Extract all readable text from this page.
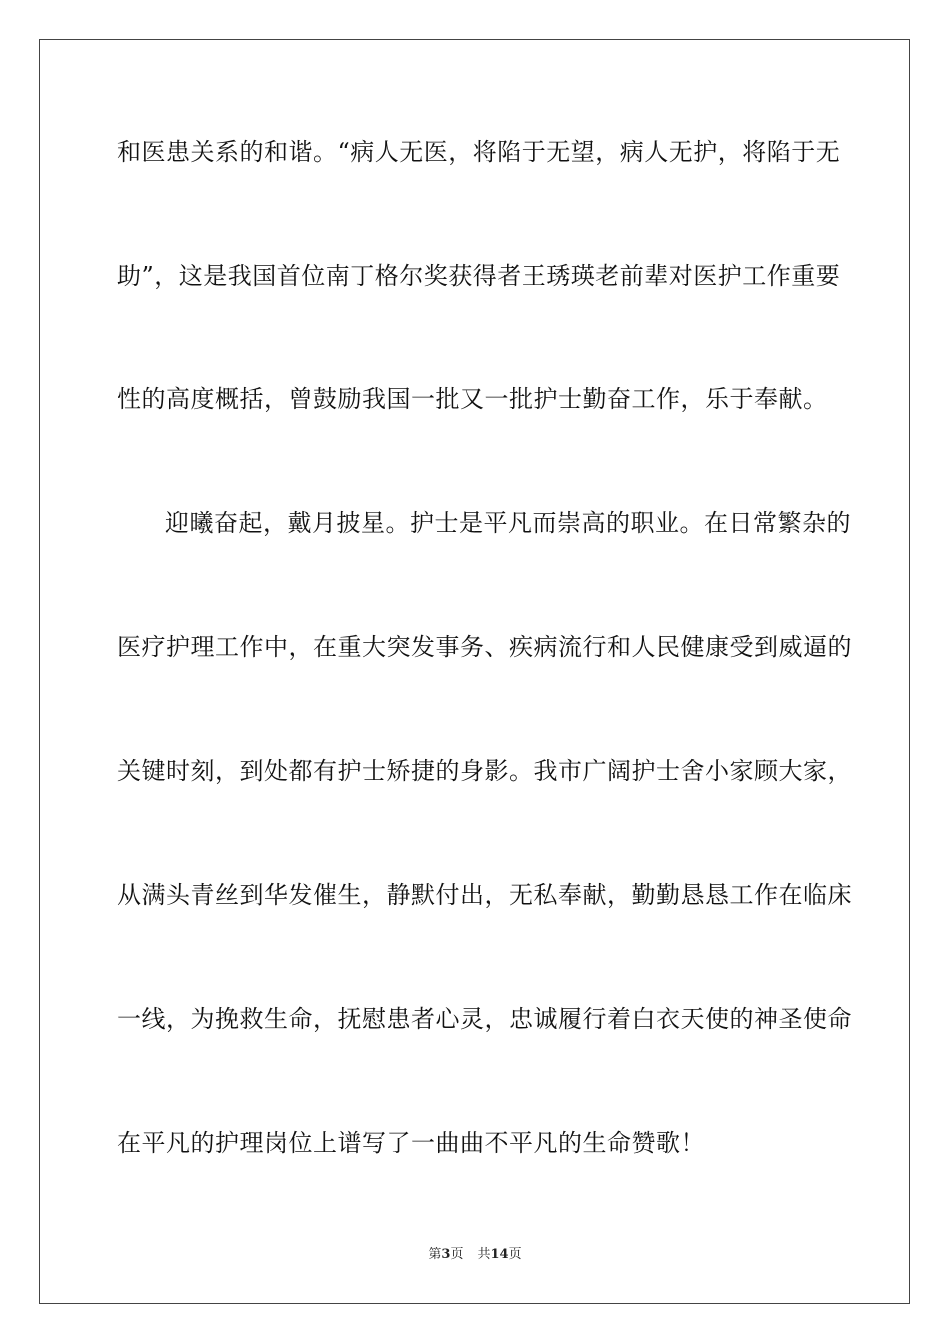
和医患关系的和谐。“病人无医，将陷于无望，病人无护，将陷于无
助”，这是我国首位南丁格尔奖获得者王琇瑛老前辈对医护工作重要
性的高度概括，曾鼓励我国一批又一批护士勤奋工作，乐于奉献。
迎曦奋起，戴月披星。护士是平凡而崇高的职业。在日常繁杂的
医疗护理工作中，在重大突发事务、疾病流行和人民健康受到威逼的
关键时刻，到处都有护士矫捷的身影。我市广阔护士舍小家顾大家，
从满头青丝到华发催生，静默付出，无私奉献，勤勤恳恳工作在临床
一线，为挽救生命，抚慰患者心灵，忠诚履行着白衣天使的神圣使命
在平凡的护理岗位上谱写了一曲曲不平凡的生命赞歌！
第3页 共14页
